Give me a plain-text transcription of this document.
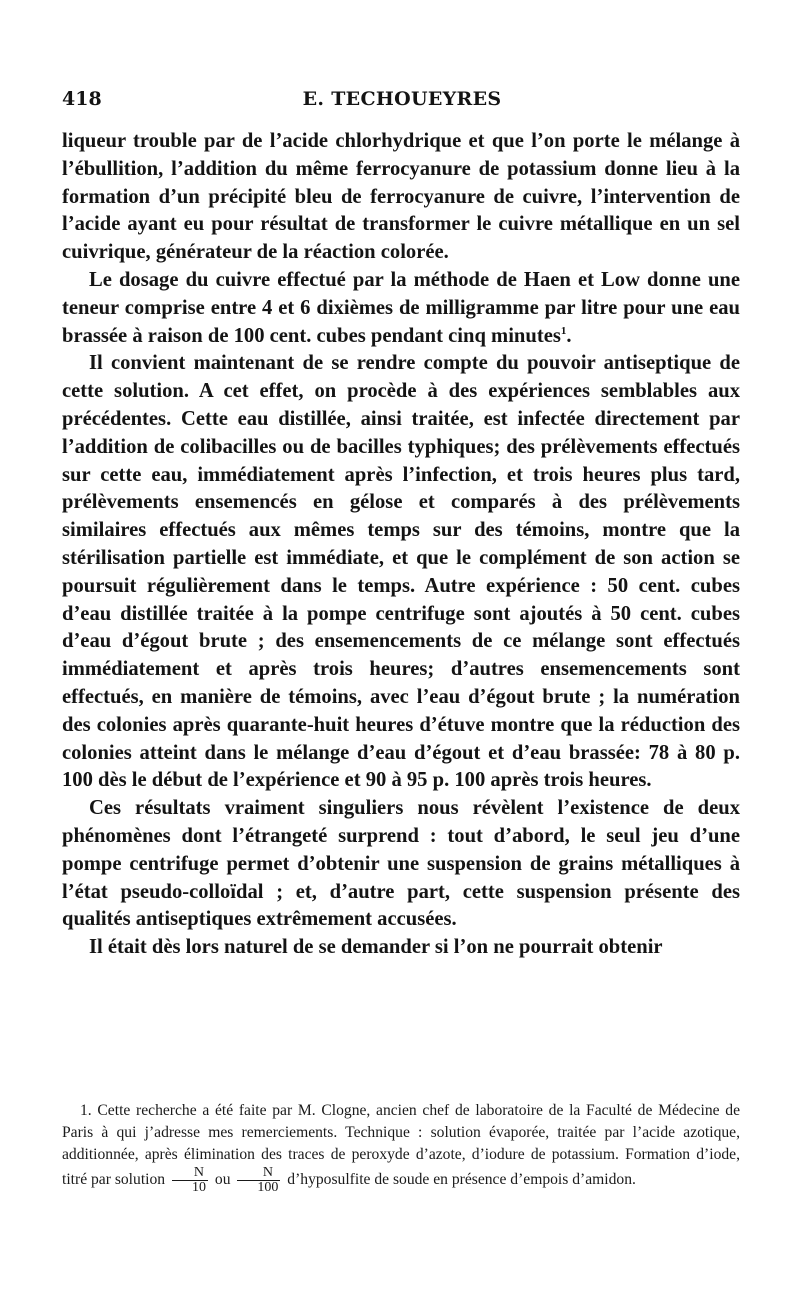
418	E. TECHOUEYRES

liqueur trouble par de l’acide chlorhydrique et que l’on porte le mélange à l’ébullition, l’addition du même ferrocyanure de potassium donne lieu à la formation d’un précipité bleu de ferrocyanure de cuivre, l’intervention de l’acide ayant eu pour résultat de transformer le cuivre métallique en un sel cuivrique, générateur de la réaction colorée.

Le dosage du cuivre effectué par la méthode de Haen et Low donne une teneur comprise entre 4 et 6 dixièmes de milligramme par litre pour une eau brassée à raison de 100 cent. cubes pendant cinq minutes$^1$.

Il convient maintenant de se rendre compte du pouvoir antiseptique de cette solution. A cet effet, on procède à des expériences semblables aux précédentes. Cette eau distillée, ainsi traitée, est infectée directement par l’addition de colibacilles ou de bacilles typhiques; des prélèvements effectués sur cette eau, immédiatement après l’infection, et trois heures plus tard, prélèvements ensemencés en gélose et comparés à des prélèvements similaires effectués aux mêmes temps sur des témoins, montre que la stérilisation partielle est immédiate, et que le complément de son action se poursuit régulièrement dans le temps. Autre expérience : 50 cent. cubes d’eau distillée traitée à la pompe centrifuge sont ajoutés à 50 cent. cubes d’eau d’égout brute ; des ensemencements de ce mélange sont effectués immédiatement et après trois heures; d’autres ensemencements sont effectués, en manière de témoins, avec l’eau d’égout brute ; la numération des colonies après quarante-huit heures d’étuve montre que la réduction des colonies atteint dans le mélange d’eau d’égout et d’eau brassée: 78 à 80 p. 100 dès le début de l’expérience et 90 à 95 p. 100 après trois heures.

Ces résultats vraiment singuliers nous révèlent l’existence de deux phénomènes dont l’étrangeté surprend : tout d’abord, le seul jeu d’une pompe centrifuge permet d’obtenir une suspension de grains métalliques à l’état pseudo-colloïdal ; et, d’autre part, cette suspension présente des qualités antiseptiques extrêmement accusées.

Il était dès lors naturel de se demander si l’on ne pourrait obtenir

1. Cette recherche a été faite par M. Clogne, ancien chef de laboratoire de la Faculté de Médecine de Paris à qui j’adresse mes remerciements. Technique : solution évaporée, traitée par l’acide azotique, additionnée, après élimination des traces de peroxyde d’azote, d’iodure de potassium. Formation d’iode, titré par solution $\frac{N}{10}$ ou $\frac{N}{100}$ d’hyposulfite de soude en présence d’empois d’amidon.
